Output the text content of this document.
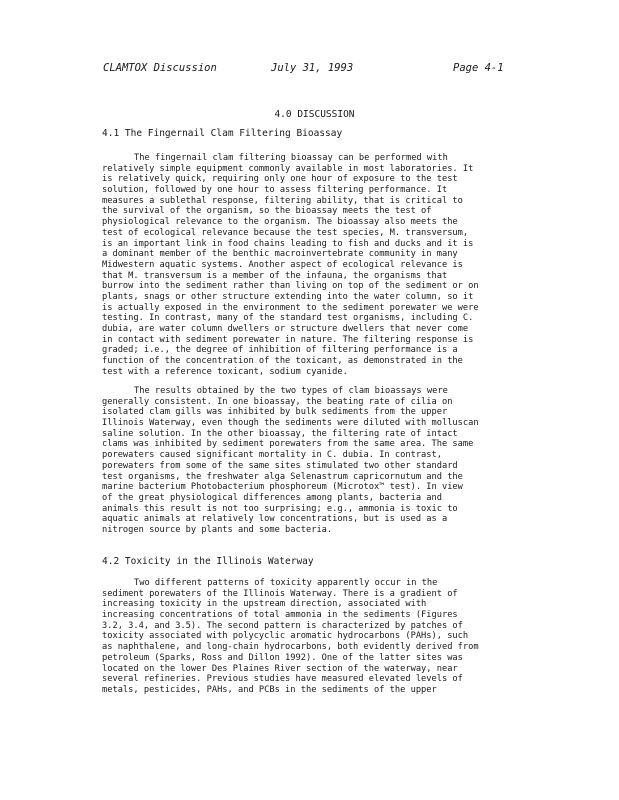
CLAMTOX Discussion	July 31, 1993	Page 4-1
4.0 DISCUSSION
4.1 The Fingernail Clam Filtering Bioassay
The fingernail clam filtering bioassay can be performed with
relatively simple equipment commonly available in most laboratories. It
is relatively quick, requiring only one hour of exposure to the test
solution, followed by one hour to assess filtering performance. It
measures a sublethal response, filtering ability, that is critical to
the survival of the organism, so the bioassay meets the test of
physiological relevance to the organism. The bioassay also meets the
test of ecological relevance because the test species, M. transversum,
is an important link in food chains leading to fish and ducks and it is
a dominant member of the benthic macroinvertebrate community in many
Midwestern aquatic systems. Another aspect of ecological relevance is
that M. transversum is a member of the infauna, the organisms that
burrow into the sediment rather than living on top of the sediment or on
plants, snags or other structure extending into the water column, so it
is actually exposed in the environment to the sediment porewater we were
testing. In contrast, many of the standard test organisms, including C.
dubia, are water column dwellers or structure dwellers that never come
in contact with sediment porewater in nature. The filtering response is
graded; i.e., the degree of inhibition of filtering performance is a
function of the concentration of the toxicant, as demonstrated in the
test with a reference toxicant, sodium cyanide.
The results obtained by the two types of clam bioassays were
generally consistent. In one bioassay, the beating rate of cilia on
isolated clam gills was inhibited by bulk sediments from the upper
Illinois Waterway, even though the sediments were diluted with molluscan
saline solution. In the other bioassay, the filtering rate of intact
clams was inhibited by sediment porewaters from the same area. The same
porewaters caused significant mortality in C. dubia. In contrast,
porewaters from some of the same sites stimulated two other standard
test organisms, the freshwater alga Selenastrum capricornutum and the
marine bacterium Photobacterium phosphoreum (Microtox™ test). In view
of the great physiological differences among plants, bacteria and
animals this result is not too surprising; e.g., ammonia is toxic to
aquatic animals at relatively low concentrations, but is used as a
nitrogen source by plants and some bacteria.
4.2 Toxicity in the Illinois Waterway
Two different patterns of toxicity apparently occur in the
sediment porewaters of the Illinois Waterway. There is a gradient of
increasing toxicity in the upstream direction, associated with
increasing concentrations of total ammonia in the sediments (Figures
3.2, 3.4, and 3.5). The second pattern is characterized by patches of
toxicity associated with polycyclic aromatic hydrocarbons (PAHs), such
as naphthalene, and long-chain hydrocarbons, both evidently derived from
petroleum (Sparks, Ross and Dillon 1992). One of the latter sites was
located on the lower Des Plaines River section of the waterway, near
several refineries. Previous studies have measured elevated levels of
metals, pesticides, PAHs, and PCBs in the sediments of the upper
